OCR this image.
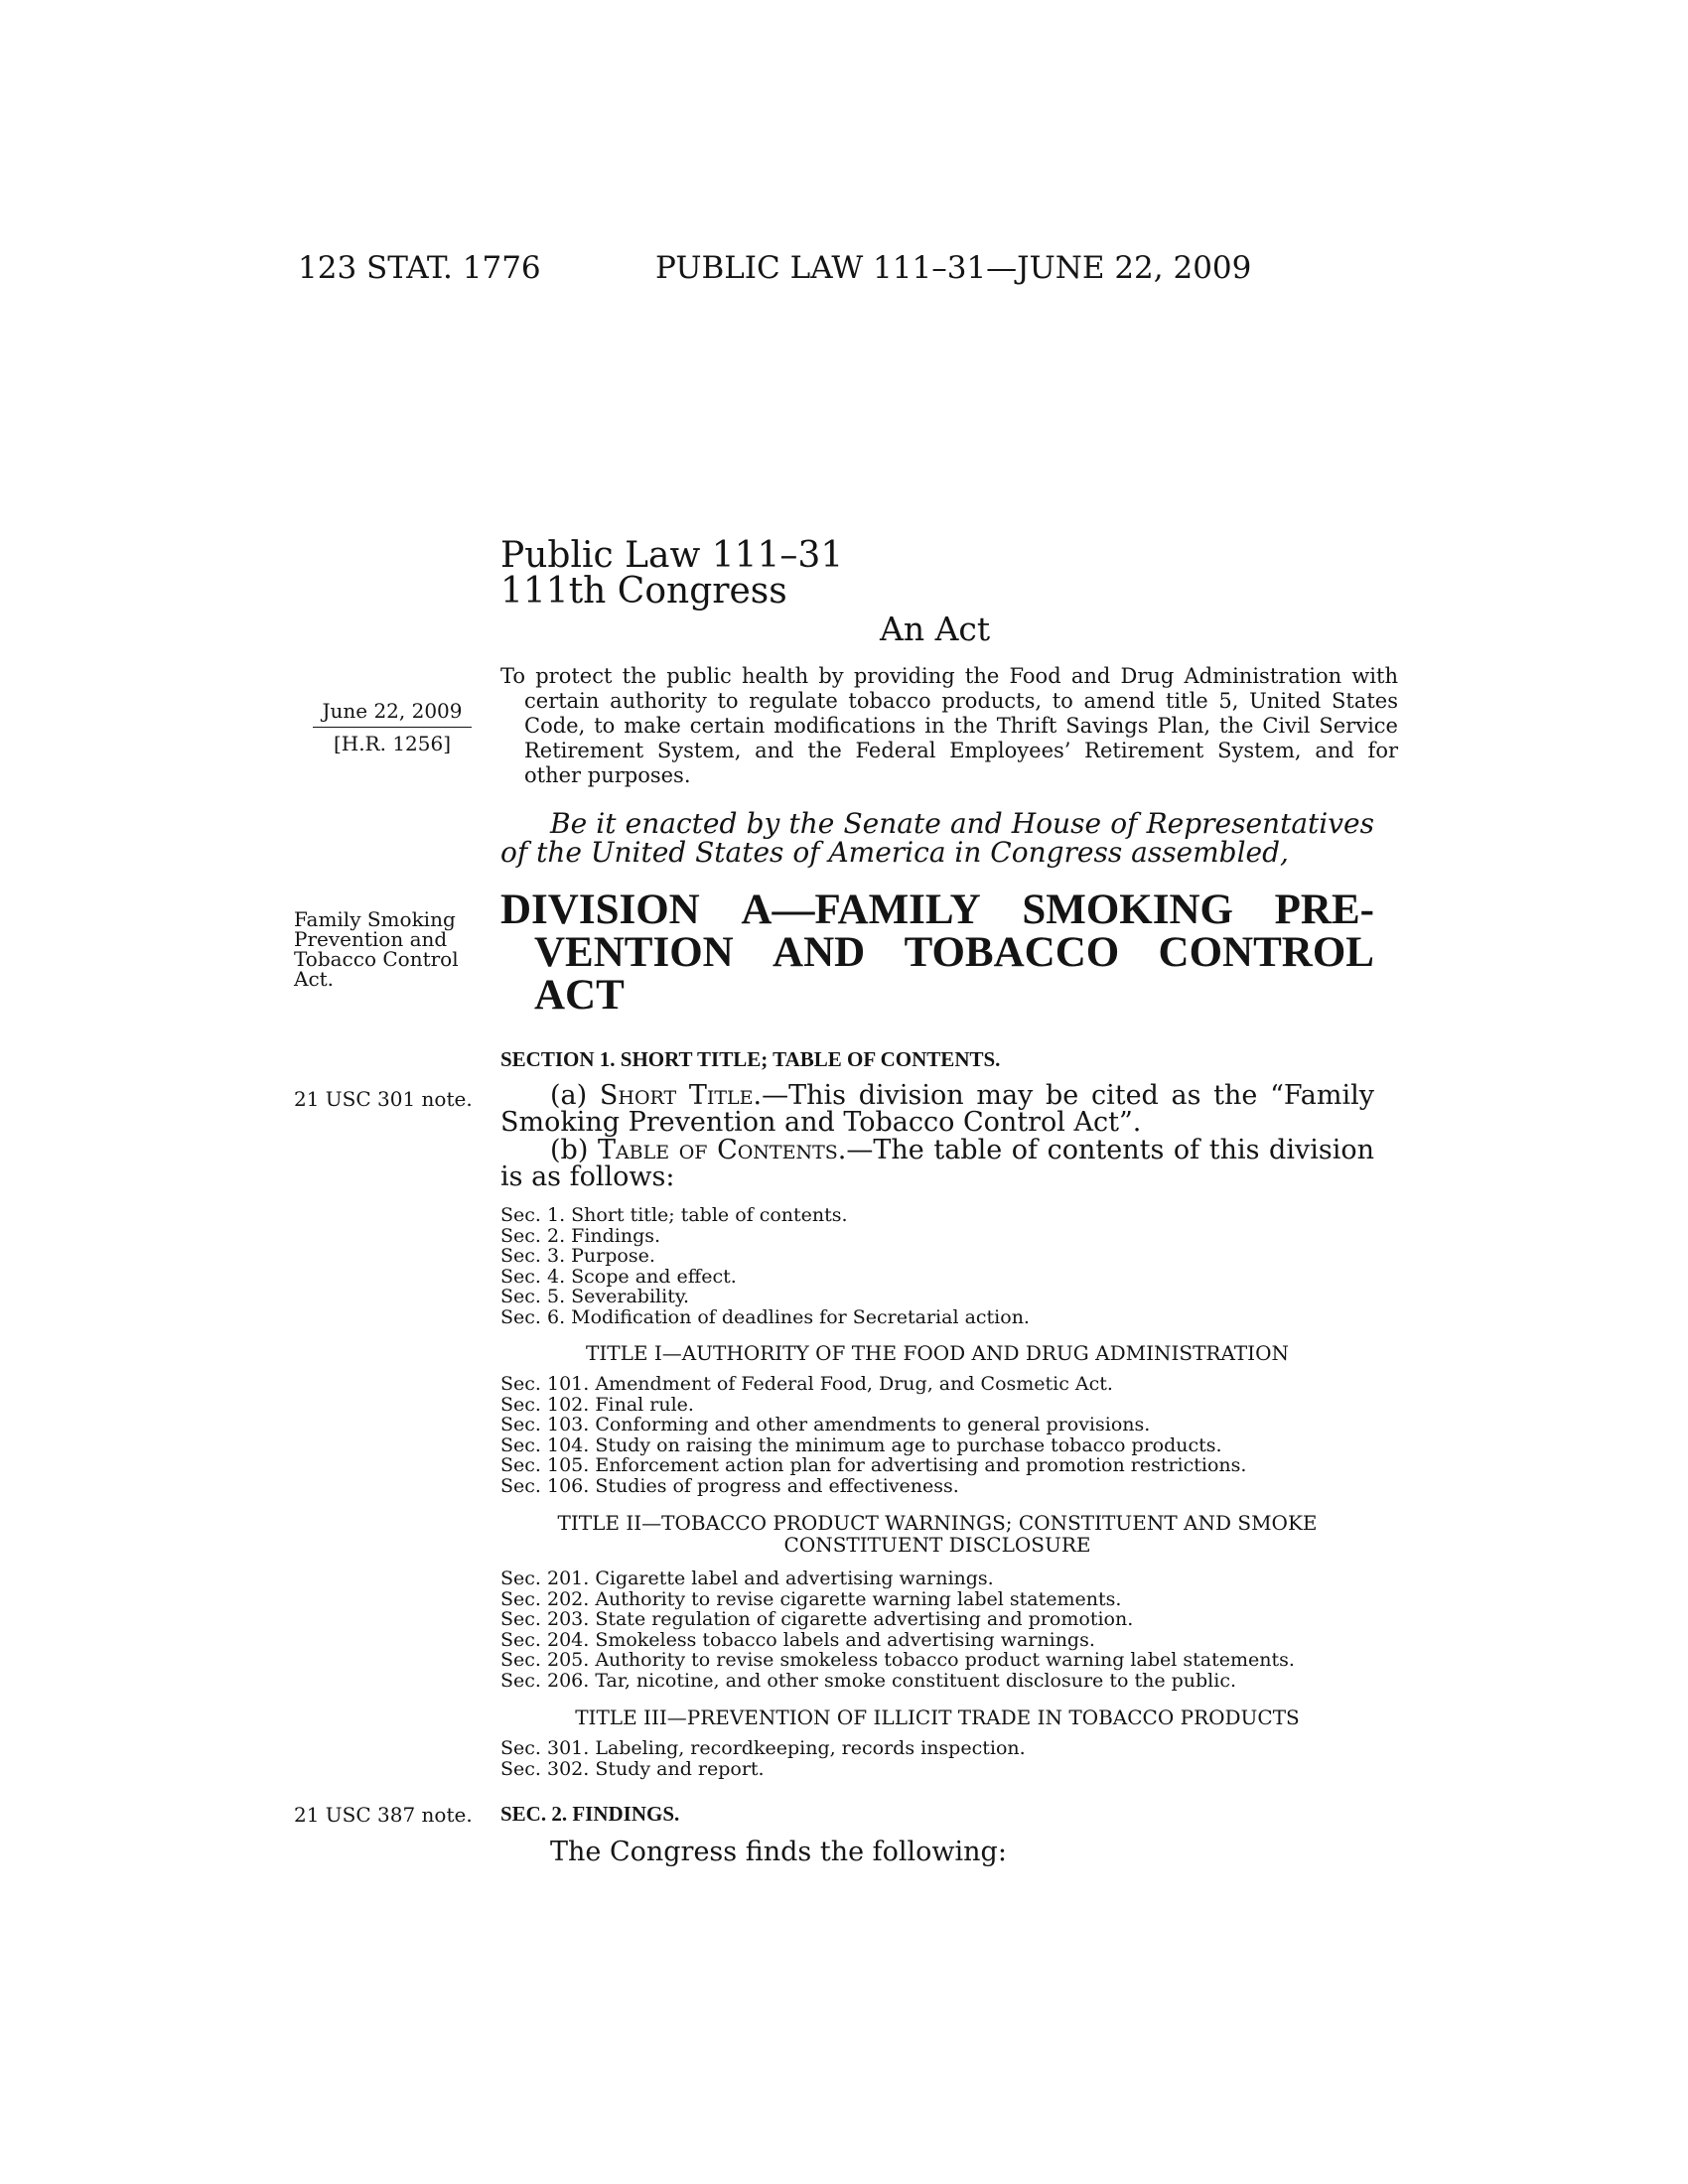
123 STAT. 1776	PUBLIC LAW 111–31—JUNE 22, 2009
Public Law 111–31
111th Congress
An Act
June 22, 2009
[H.R. 1256]
To protect the public health by providing the Food and Drug Administration with certain authority to regulate tobacco products, to amend title 5, United States Code, to make certain modifications in the Thrift Savings Plan, the Civil Service Retirement System, and the Federal Employees’ Retirement System, and for other purposes.
Be it enacted by the Senate and House of Representatives of the United States of America in Congress assembled,
Family Smoking
Prevention and
Tobacco Control
Act.
DIVISION A—FAMILY SMOKING PRE-
VENTION AND TOBACCO CONTROL
ACT
SECTION 1. SHORT TITLE; TABLE OF CONTENTS.
21 USC 301 note.	(a) Short Title.—This division may be cited as the “Family Smoking Prevention and Tobacco Control Act”.
(b) Table of Contents.—The table of contents of this division is as follows:
Sec. 1. Short title; table of contents.
Sec. 2. Findings.
Sec. 3. Purpose.
Sec. 4. Scope and effect.
Sec. 5. Severability.
Sec. 6. Modification of deadlines for Secretarial action.
TITLE I—AUTHORITY OF THE FOOD AND DRUG ADMINISTRATION
Sec. 101. Amendment of Federal Food, Drug, and Cosmetic Act.
Sec. 102. Final rule.
Sec. 103. Conforming and other amendments to general provisions.
Sec. 104. Study on raising the minimum age to purchase tobacco products.
Sec. 105. Enforcement action plan for advertising and promotion restrictions.
Sec. 106. Studies of progress and effectiveness.
TITLE II—TOBACCO PRODUCT WARNINGS; CONSTITUENT AND SMOKE
CONSTITUENT DISCLOSURE
Sec. 201. Cigarette label and advertising warnings.
Sec. 202. Authority to revise cigarette warning label statements.
Sec. 203. State regulation of cigarette advertising and promotion.
Sec. 204. Smokeless tobacco labels and advertising warnings.
Sec. 205. Authority to revise smokeless tobacco product warning label statements.
Sec. 206. Tar, nicotine, and other smoke constituent disclosure to the public.
TITLE III—PREVENTION OF ILLICIT TRADE IN TOBACCO PRODUCTS
Sec. 301. Labeling, recordkeeping, records inspection.
Sec. 302. Study and report.
21 USC 387 note.	SEC. 2. FINDINGS.
The Congress finds the following:
